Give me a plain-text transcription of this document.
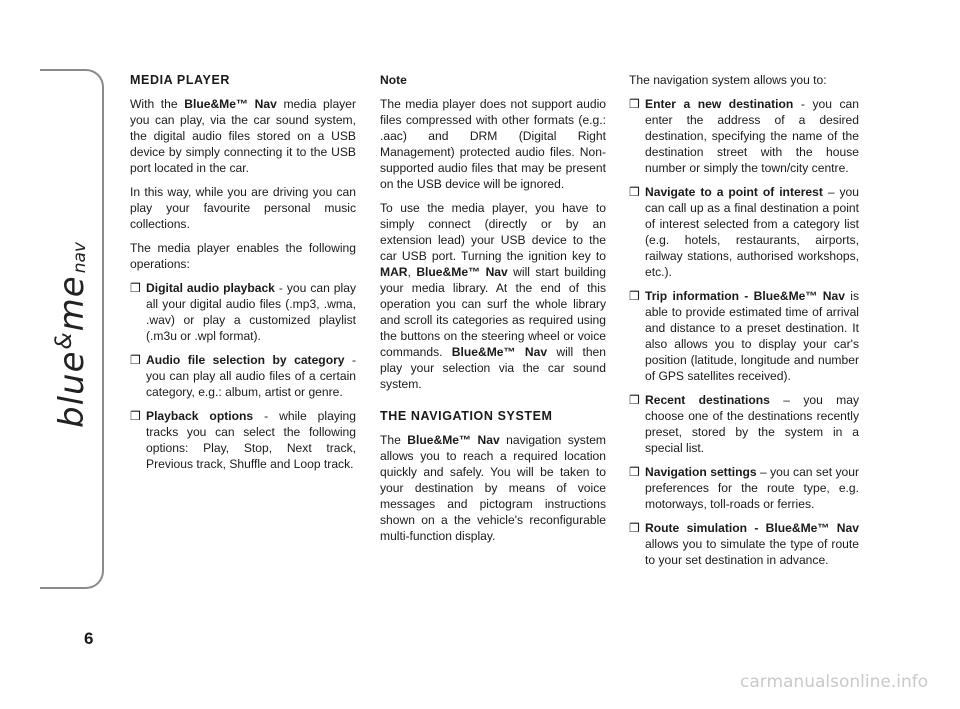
blue
&
me
nav
6
MEDIA PLAYER

With the Blue&Me™ Nav media player you can play, via the car sound system, the digital audio files stored on a USB device by simply connecting it to the USB port located in the car.

In this way, while you are driving you can play your favourite personal music collections.

The media player enables the following operations:

❒ Digital audio playback - you can play all your digital audio files (.mp3, .wma, .wav) or play a customized playlist (.m3u or .wpl format).
❒ Audio file selection by category - you can play all audio files of a certain category, e.g.: album, artist or genre.
❒ Playback options - while playing tracks you can select the following options: Play, Stop, Next track, Previous track, Shuffle and Loop track.
Note

The media player does not support audio files compressed with other formats (e.g.: .aac) and DRM (Digital Right Management) protected audio files. Non-supported audio files that may be present on the USB device will be ignored.

To use the media player, you have to simply connect (directly or by an extension lead) your USB device to the car USB port. Turning the ignition key to MAR, Blue&Me™ Nav will start building your media library. At the end of this operation you can surf the whole library and scroll its categories as required using the buttons on the steering wheel or voice commands. Blue&Me™ Nav will then play your selection via the car sound system.

THE NAVIGATION SYSTEM

The Blue&Me™ Nav navigation system allows you to reach a required location quickly and safely. You will be taken to your destination by means of voice messages and pictogram instructions shown on a the vehicle's reconfigurable multi-function display.

The navigation system allows you to:

❒ Enter a new destination - you can enter the address of a desired destination, specifying the name of the destination street with the house number or simply the town/city centre.
❒ Navigate to a point of interest – you can call up as a final destination a point of interest selected from a category list (e.g. hotels, restaurants, airports, railway stations, authorised workshops, etc.).
❒ Trip information - Blue&Me™ Nav is able to provide estimated time of arrival and distance to a preset destination. It also allows you to display your car's position (latitude, longitude and number of GPS satellites received).
❒ Recent destinations – you may choose one of the destinations recently preset, stored by the system in a special list.
❒ Navigation settings – you can set your preferences for the route type, e.g. motorways, toll-roads or ferries.
❒ Route simulation - Blue&Me™ Nav allows you to simulate the type of route to your set destination in advance.
carmanualsonline.info
